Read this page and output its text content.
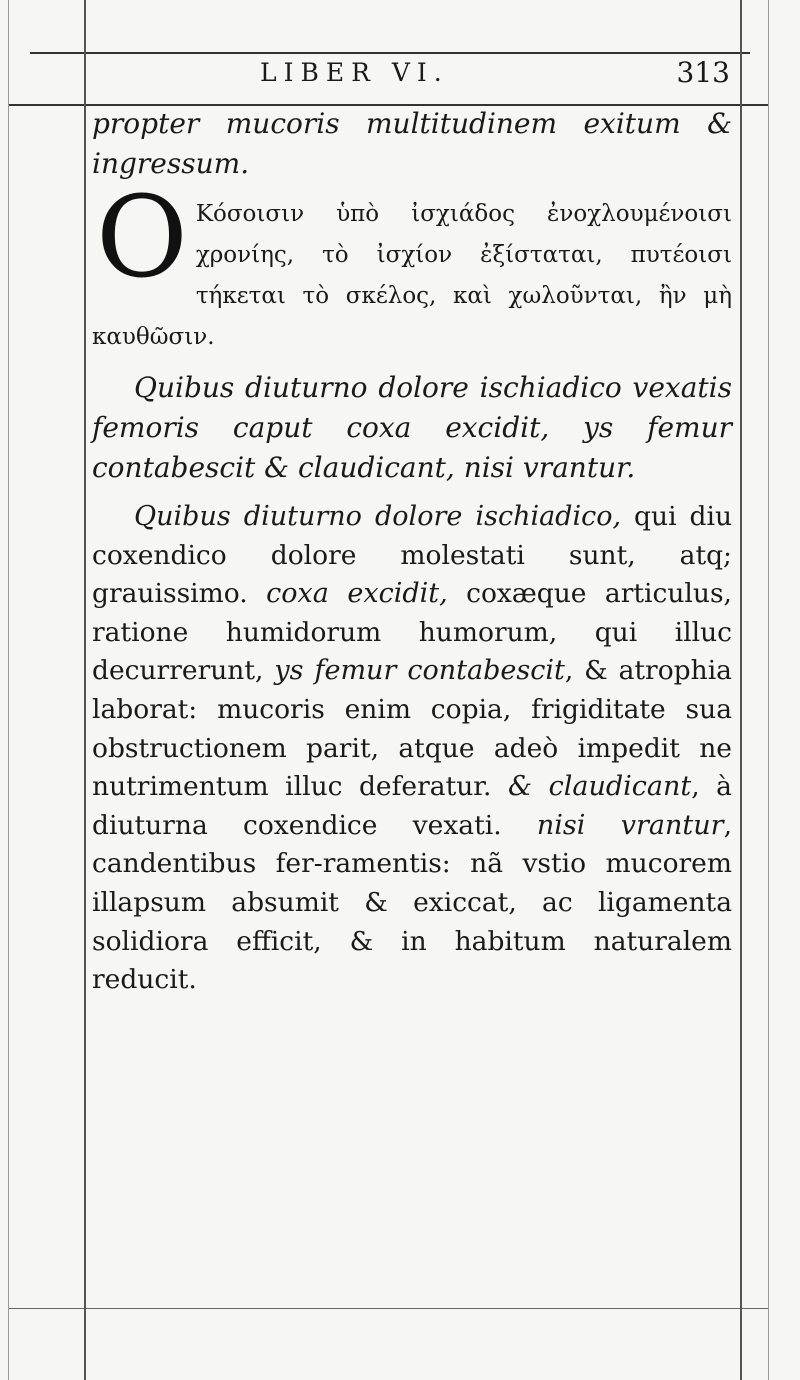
LIBER VI.	313

propter mucoris multitudinem exitum & ingressum.

O Κόσοισιν ὑπὸ ἰσχιάδος ἐνοχλουμένοισι χρονίης, τὸ ἰσχίον ἐξίσταται, πυτέοισι τήκεται τὸ σκέλος, καὶ χωλοῦνται, ἢν μὴ καυθῶσιν.

Quibus diuturno dolore ischiadico vexatis femoris caput coxa excidit, ys femur contabescit & claudicant, nisi vrantur.

Quibus diuturno dolore ischiadico, qui diu coxendico dolore molestati sunt, atq; grauissimo. coxa excidit, coxæque articulus, ratione humidorum humorum, qui illuc decurrerunt, ys femur contabescit, & atrophia laborat: mucoris enim copia, frigiditate sua obstructionem parit, atque adeò impedit ne nutrimentum illuc deferatur. & claudicant, à diuturna coxendice vexati. nisi vrantur, candentibus fer-ramentis: nã vstio mucorem illapsum absumit & exiccat, ac ligamenta solidiora efficit, & in habitum naturalem reducit.
